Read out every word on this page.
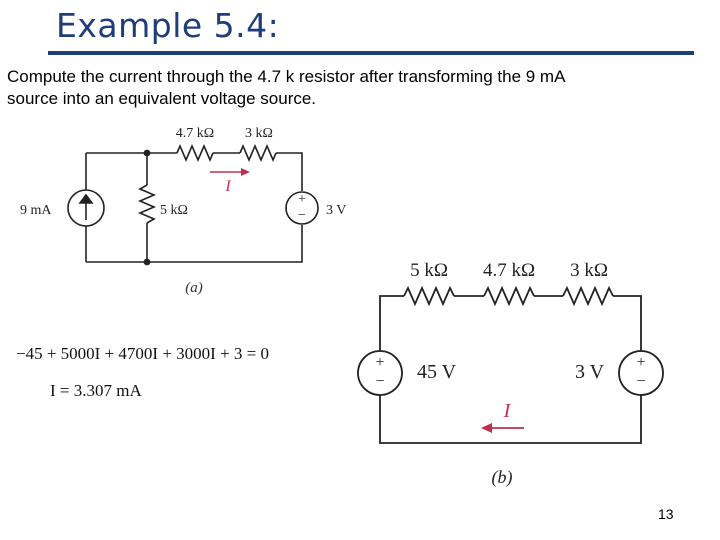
Example 5.4:
Compute the current through the 4.7 k resistor after transforming the 9 mA
source into an equivalent voltage source.
+
−
4.7 kΩ 3 kΩ
I
9 mA	5 kΩ	3 V
(a)
−45 + 5000I + 4700I + 3000I + 3 = 0
I = 3.307 mA
+
−
+
−
5 kΩ 4.7 kΩ 3 kΩ
45 V	3 V
I
(b)
13
